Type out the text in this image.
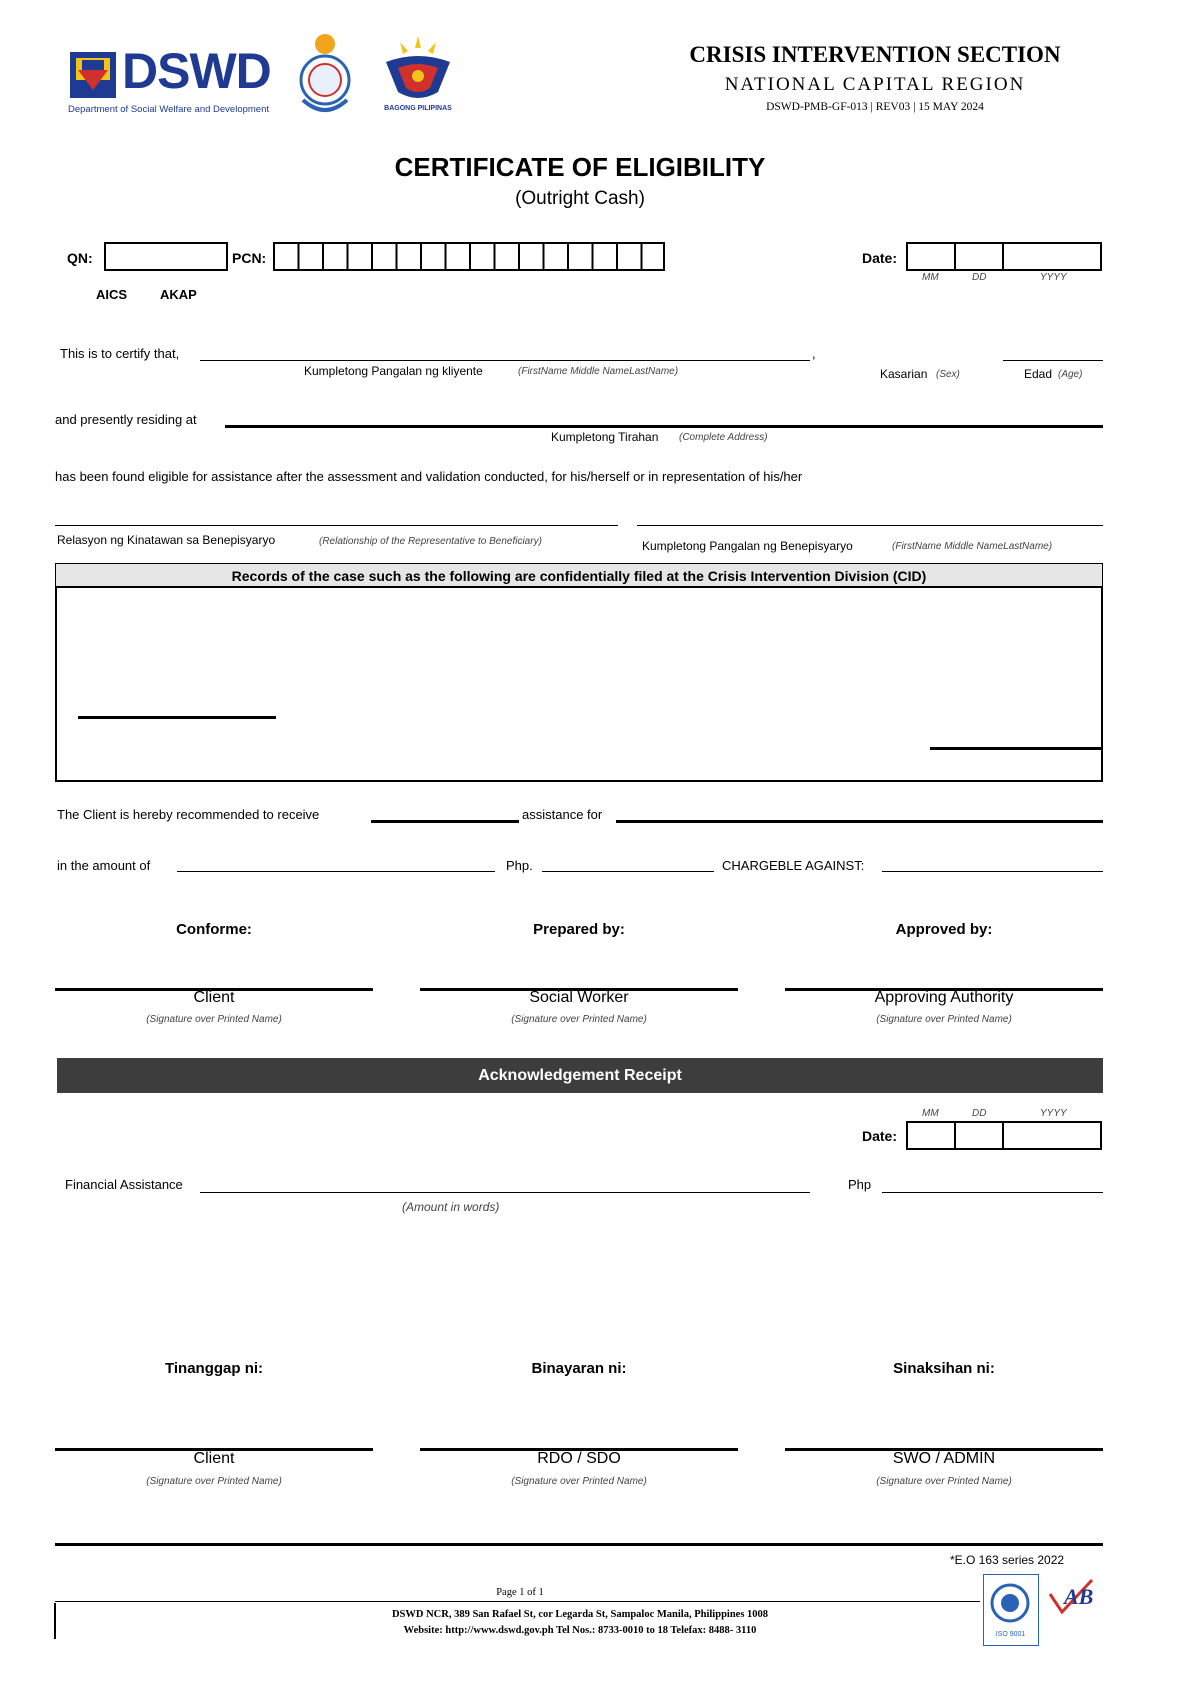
DSWD
Department of Social Welfare and Development	BAGONG PILIPINAS
CRISIS INTERVENTION SECTION
NATIONAL CAPITAL REGION
DSWD-PMB-GF-013 | REV03 | 15 MAY 2024
CERTIFICATE OF ELIGIBILITY
(Outright Cash)
QN:	PCN:	Date:
MM	DD	YYYY
AICS	AKAP
This is to certify that,	,
Kumpletong Pangalan ng kliyente	(FirstName Middle NameLastName)	Kasarian (Sex)	Edad (Age)
and presently residing at
Kumpletong Tirahan (Complete Address)
has been found eligible for assistance after the assessment and validation conducted, for his/herself or in representation of his/her
Relasyon ng Kinatawan sa Benepisyaryo	(Relationship of the Representative to Beneficiary)	Kumpletong Pangalan ng Benepisyaryo	(FirstName Middle NameLastName)
Records of the case such as the following are confidentially filed at the Crisis Intervention Division (CID)
The Client is hereby recommended to receive	assistance for
in the amount of	Php.	CHARGEBLE AGAINST:
Conforme:	Prepared by:	Approved by:
Client	Social Worker	Approving Authority
(Signature over Printed Name)	(Signature over Printed Name)	(Signature over Printed Name)
Acknowledgement Receipt
MM	DD	YYYY
Date:
Financial Assistance
(Amount in words)
Php
Tinanggap ni:	Binayaran ni:	Sinaksihan ni:
Client	RDO / SDO	SWO / ADMIN
(Signature over Printed Name)	(Signature over Printed Name)	(Signature over Printed Name)
*E.O 163 series 2022
Page 1 of 1
DSWD NCR, 389 San Rafael St, cor Legarda St, Sampaloc Manila, Philippines 1008
Website: http://www.dswd.gov.ph Tel Nos.: 8733-0010 to 18 Telefax: 8488- 3110	ISO 9001
AB
